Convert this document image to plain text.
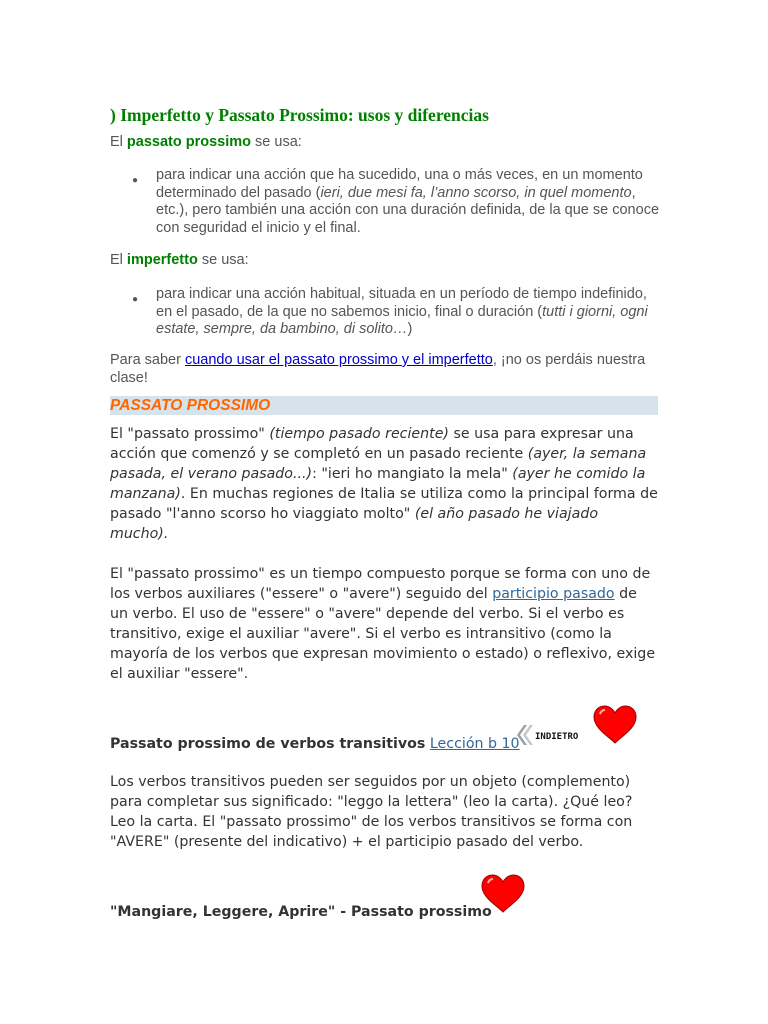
) Imperfetto y Passato Prossimo: usos y diferencias
El passato prossimo se usa:
● para indicar una acción que ha sucedido, una o más veces, en un momento determinado del pasado (ieri, due mesi fa, l’anno scorso, in quel momento, etc.), pero también una acción con una duración definida, de la que se conoce con seguridad el inicio y el final.
El imperfetto se usa:
● para indicar una acción habitual, situada en un período de tiempo indefinido, en el pasado, de la que no sabemos inicio, final o duración (tutti i giorni, ogni estate, sempre, da bambino, di solito…)
Para saber cuando usar el passato prossimo y el imperfetto, ¡no os perdáis nuestra clase!
PASSATO PROSSIMO
El "passato prossimo" (tiempo pasado reciente) se usa para expresar una acción que comenzó y se completó en un pasado reciente (ayer, la semana pasada, el verano pasado...): "ieri ho mangiato la mela" (ayer he comido la manzana). En muchas regiones de Italia se utiliza como la principal forma de pasado "l'anno scorso ho viaggiato molto" (el año pasado he viajado mucho).
El "passato prossimo" es un tiempo compuesto porque se forma con uno de los verbos auxiliares ("essere" o "avere") seguido del participio pasado de un verbo. El uso de "essere" o "avere" depende del verbo. Si el verbo es transitivo, exige el auxiliar "avere". Si el verbo es intransitivo (como la mayoría de los verbos que expresan movimiento o estado) o reflexivo, exige el auxiliar "essere".
Passato prossimo de verbos transitivos Lección b 10	INDIETRO
Los verbos transitivos pueden ser seguidos por un objeto (complemento) para completar sus significado: "leggo la lettera" (leo la carta). ¿Qué leo? Leo la carta. El "passato prossimo" de los verbos transitivos se forma con "AVERE" (presente del indicativo) + el participio pasado del verbo.
"Mangiare, Leggere, Aprire" - Passato prossimo
